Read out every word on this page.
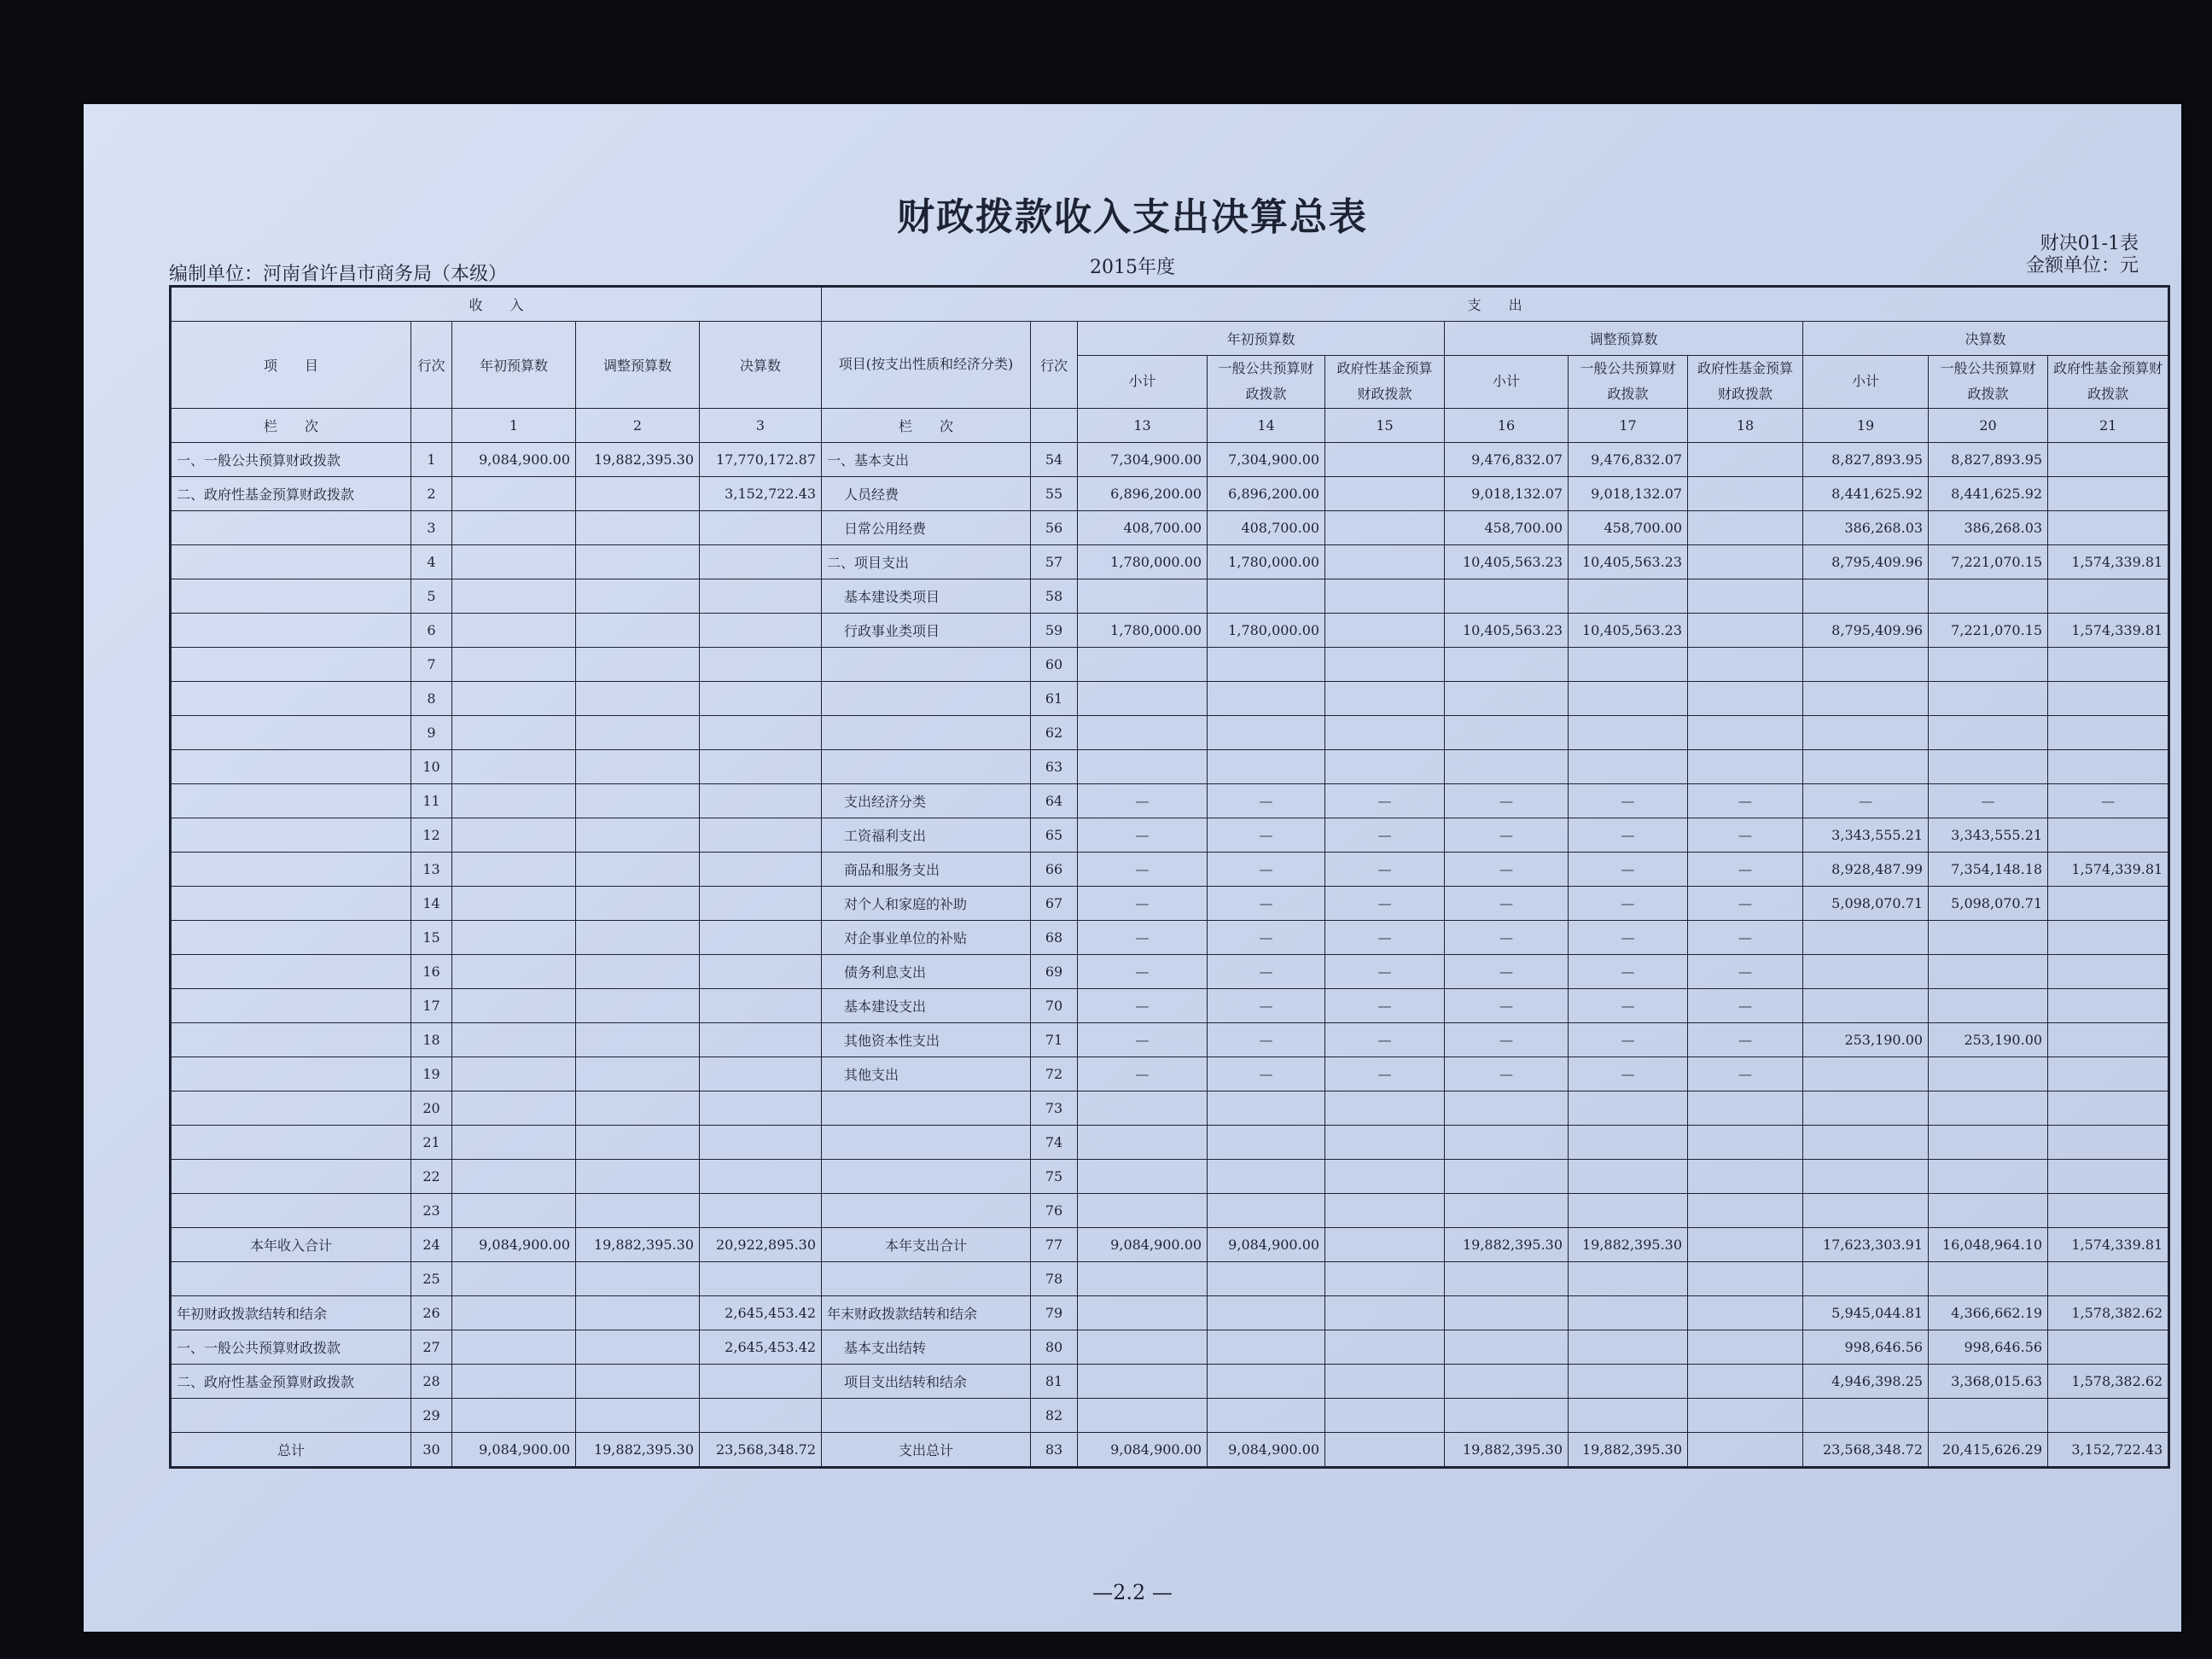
财政拨款收入支出决算总表
财决01-1表
金额单位：元
编制单位：河南省许昌市商务局（本级）	2015年度
收　　入					支　　出										
项　　目	行次	年初预算数	调整预算数	决算数	项目(按支出性质和经济分类)	行次	年初预算数			调整预算数			决算数		
							小计	一般公共预算财政拨款	政府性基金预算财政拨款	小计	一般公共预算财政拨款	政府性基金预算财政拨款	小计	一般公共预算财政拨款	政府性基金预算财政拨款
栏　　次		1	2	3	栏　　次		13	14	15	16	17	18	19	20	21
一、一般公共预算财政拨款	1	9,084,900.00	19,882,395.30	17,770,172.87	一、基本支出	54	7,304,900.00	7,304,900.00		9,476,832.07	9,476,832.07		8,827,893.95	8,827,893.95	
二、政府性基金预算财政拨款	2			3,152,722.43	人员经费	55	6,896,200.00	6,896,200.00		9,018,132.07	9,018,132.07		8,441,625.92	8,441,625.92	
	3				日常公用经费	56	408,700.00	408,700.00		458,700.00	458,700.00		386,268.03	386,268.03	
	4				二、项目支出	57	1,780,000.00	1,780,000.00		10,405,563.23	10,405,563.23		8,795,409.96	7,221,070.15	1,574,339.81
	5				基本建设类项目	58									
	6				行政事业类项目	59	1,780,000.00	1,780,000.00		10,405,563.23	10,405,563.23		8,795,409.96	7,221,070.15	1,574,339.81
	7					60									
	8					61									
	9					62									
	10					63									
	11				支出经济分类	64	—	—	—	—	—	—	—	—	—
	12				工资福利支出	65	—	—	—	—	—	—	3,343,555.21	3,343,555.21	
	13				商品和服务支出	66	—	—	—	—	—	—	8,928,487.99	7,354,148.18	1,574,339.81
	14				对个人和家庭的补助	67	—	—	—	—	—	—	5,098,070.71	5,098,070.71	
	15				对企事业单位的补贴	68	—	—	—	—	—	—			
	16				债务利息支出	69	—	—	—	—	—	—			
	17				基本建设支出	70	—	—	—	—	—	—			
	18				其他资本性支出	71	—	—	—	—	—	—	253,190.00	253,190.00	
	19				其他支出	72	—	—	—	—	—	—			
	20					73									
	21					74									
	22					75									
	23					76									
本年收入合计	24	9,084,900.00	19,882,395.30	20,922,895.30	本年支出合计	77	9,084,900.00	9,084,900.00		19,882,395.30	19,882,395.30		17,623,303.91	16,048,964.10	1,574,339.81
	25					78									
年初财政拨款结转和结余	26			2,645,453.42	年末财政拨款结转和结余	79							5,945,044.81	4,366,662.19	1,578,382.62
一、一般公共预算财政拨款	27			2,645,453.42	基本支出结转	80							998,646.56	998,646.56	
二、政府性基金预算财政拨款	28				项目支出结转和结余	81							4,946,398.25	3,368,015.63	1,578,382.62
	29					82									
总计	30	9,084,900.00	19,882,395.30	23,568,348.72	支出总计	83	9,084,900.00	9,084,900.00		19,882,395.30	19,882,395.30		23,568,348.72	20,415,626.29	3,152,722.43
—2.2 —
